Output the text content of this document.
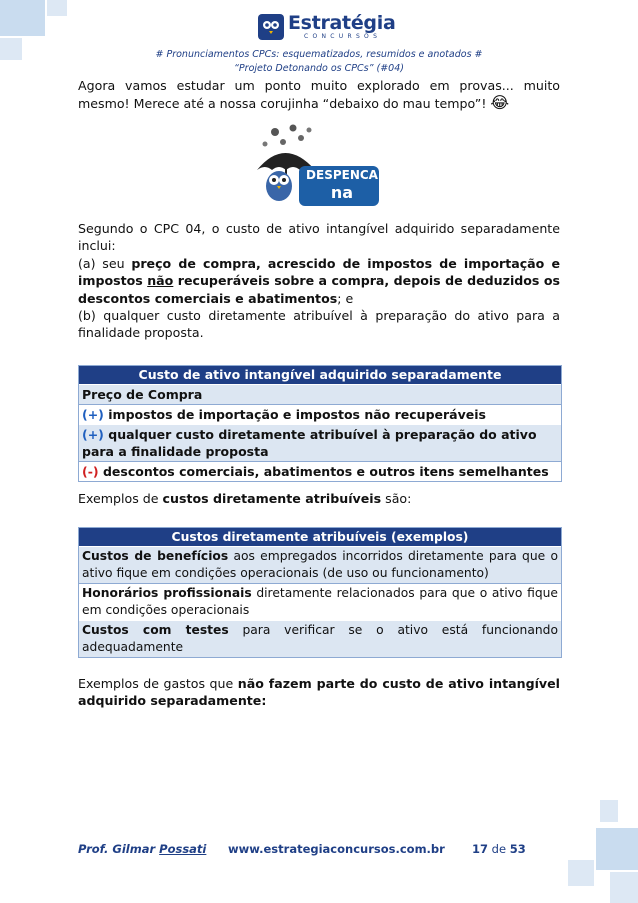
Estratégia
CONCURSOS
# Pronunciamentos CPCs: esquematizados, resumidos e anotados #
“Projeto Detonando os CPCs” (#04)
Agora vamos estudar um ponto muito explorado em provas... muito mesmo! Merece até a nossa corujinha “debaixo do mau tempo”! 😂
DESPENCA
na prova
Segundo o CPC 04, o custo de ativo intangível adquirido separadamente inclui:
(a) seu preço de compra, acrescido de impostos de importação e impostos não recuperáveis sobre a compra, depois de deduzidos os descontos comerciais e abatimentos; e
(b) qualquer custo diretamente atribuível à preparação do ativo para a finalidade proposta.
Custo de ativo intangível adquirido separadamente
Preço de Compra
(+) impostos de importação e impostos não recuperáveis
(+) qualquer custo diretamente atribuível à preparação do ativo para a finalidade proposta
(-) descontos comerciais, abatimentos e outros itens semelhantes
Exemplos de custos diretamente atribuíveis são:
Custos diretamente atribuíveis (exemplos)
Custos de benefícios aos empregados incorridos diretamente para que o ativo fique em condições operacionais (de uso ou funcionamento)
Honorários profissionais diretamente relacionados para que o ativo fique em condições operacionais
Custos com testes para verificar se o ativo está funcionando adequadamente
Exemplos de gastos que não fazem parte do custo de ativo intangível adquirido separadamente:
Prof. Gilmar Possati www.estrategiaconcursos.com.br 17 de 53
